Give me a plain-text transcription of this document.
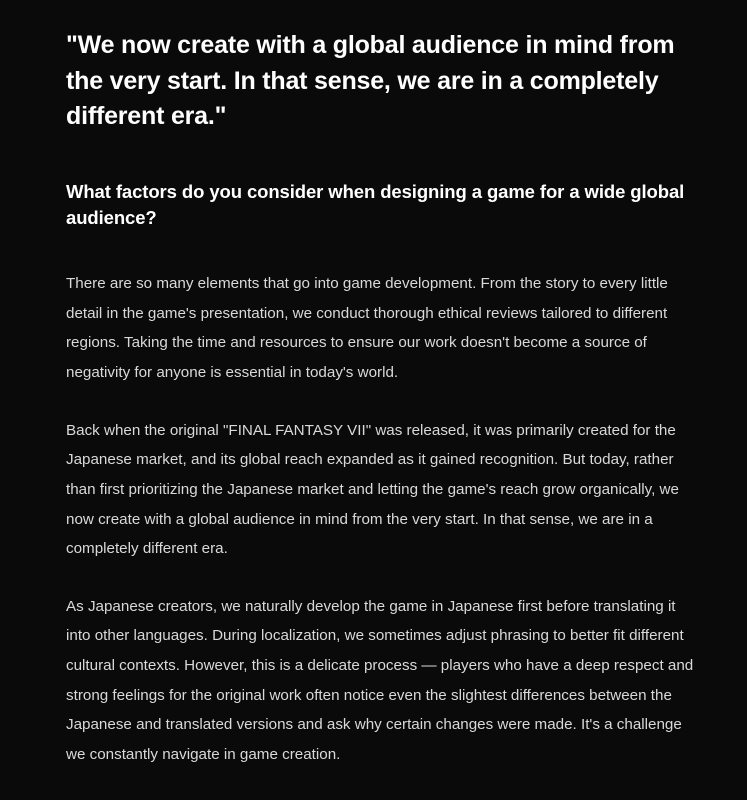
"We now create with a global audience in mind from the very start. In that sense, we are in a completely different era."

What factors do you consider when designing a game for a wide global audience?

There are so many elements that go into game development. From the story to every little detail in the game's presentation, we conduct thorough ethical reviews tailored to different regions. Taking the time and resources to ensure our work doesn't become a source of negativity for anyone is essential in today's world.

Back when the original "FINAL FANTASY VII" was released, it was primarily created for the Japanese market, and its global reach expanded as it gained recognition. But today, rather than first prioritizing the Japanese market and letting the game's reach grow organically, we now create with a global audience in mind from the very start. In that sense, we are in a completely different era.

As Japanese creators, we naturally develop the game in Japanese first before translating it into other languages. During localization, we sometimes adjust phrasing to better fit different cultural contexts. However, this is a delicate process — players who have a deep respect and strong feelings for the original work often notice even the slightest differences between the Japanese and translated versions and ask why certain changes were made. It's a challenge we constantly navigate in game creation.
